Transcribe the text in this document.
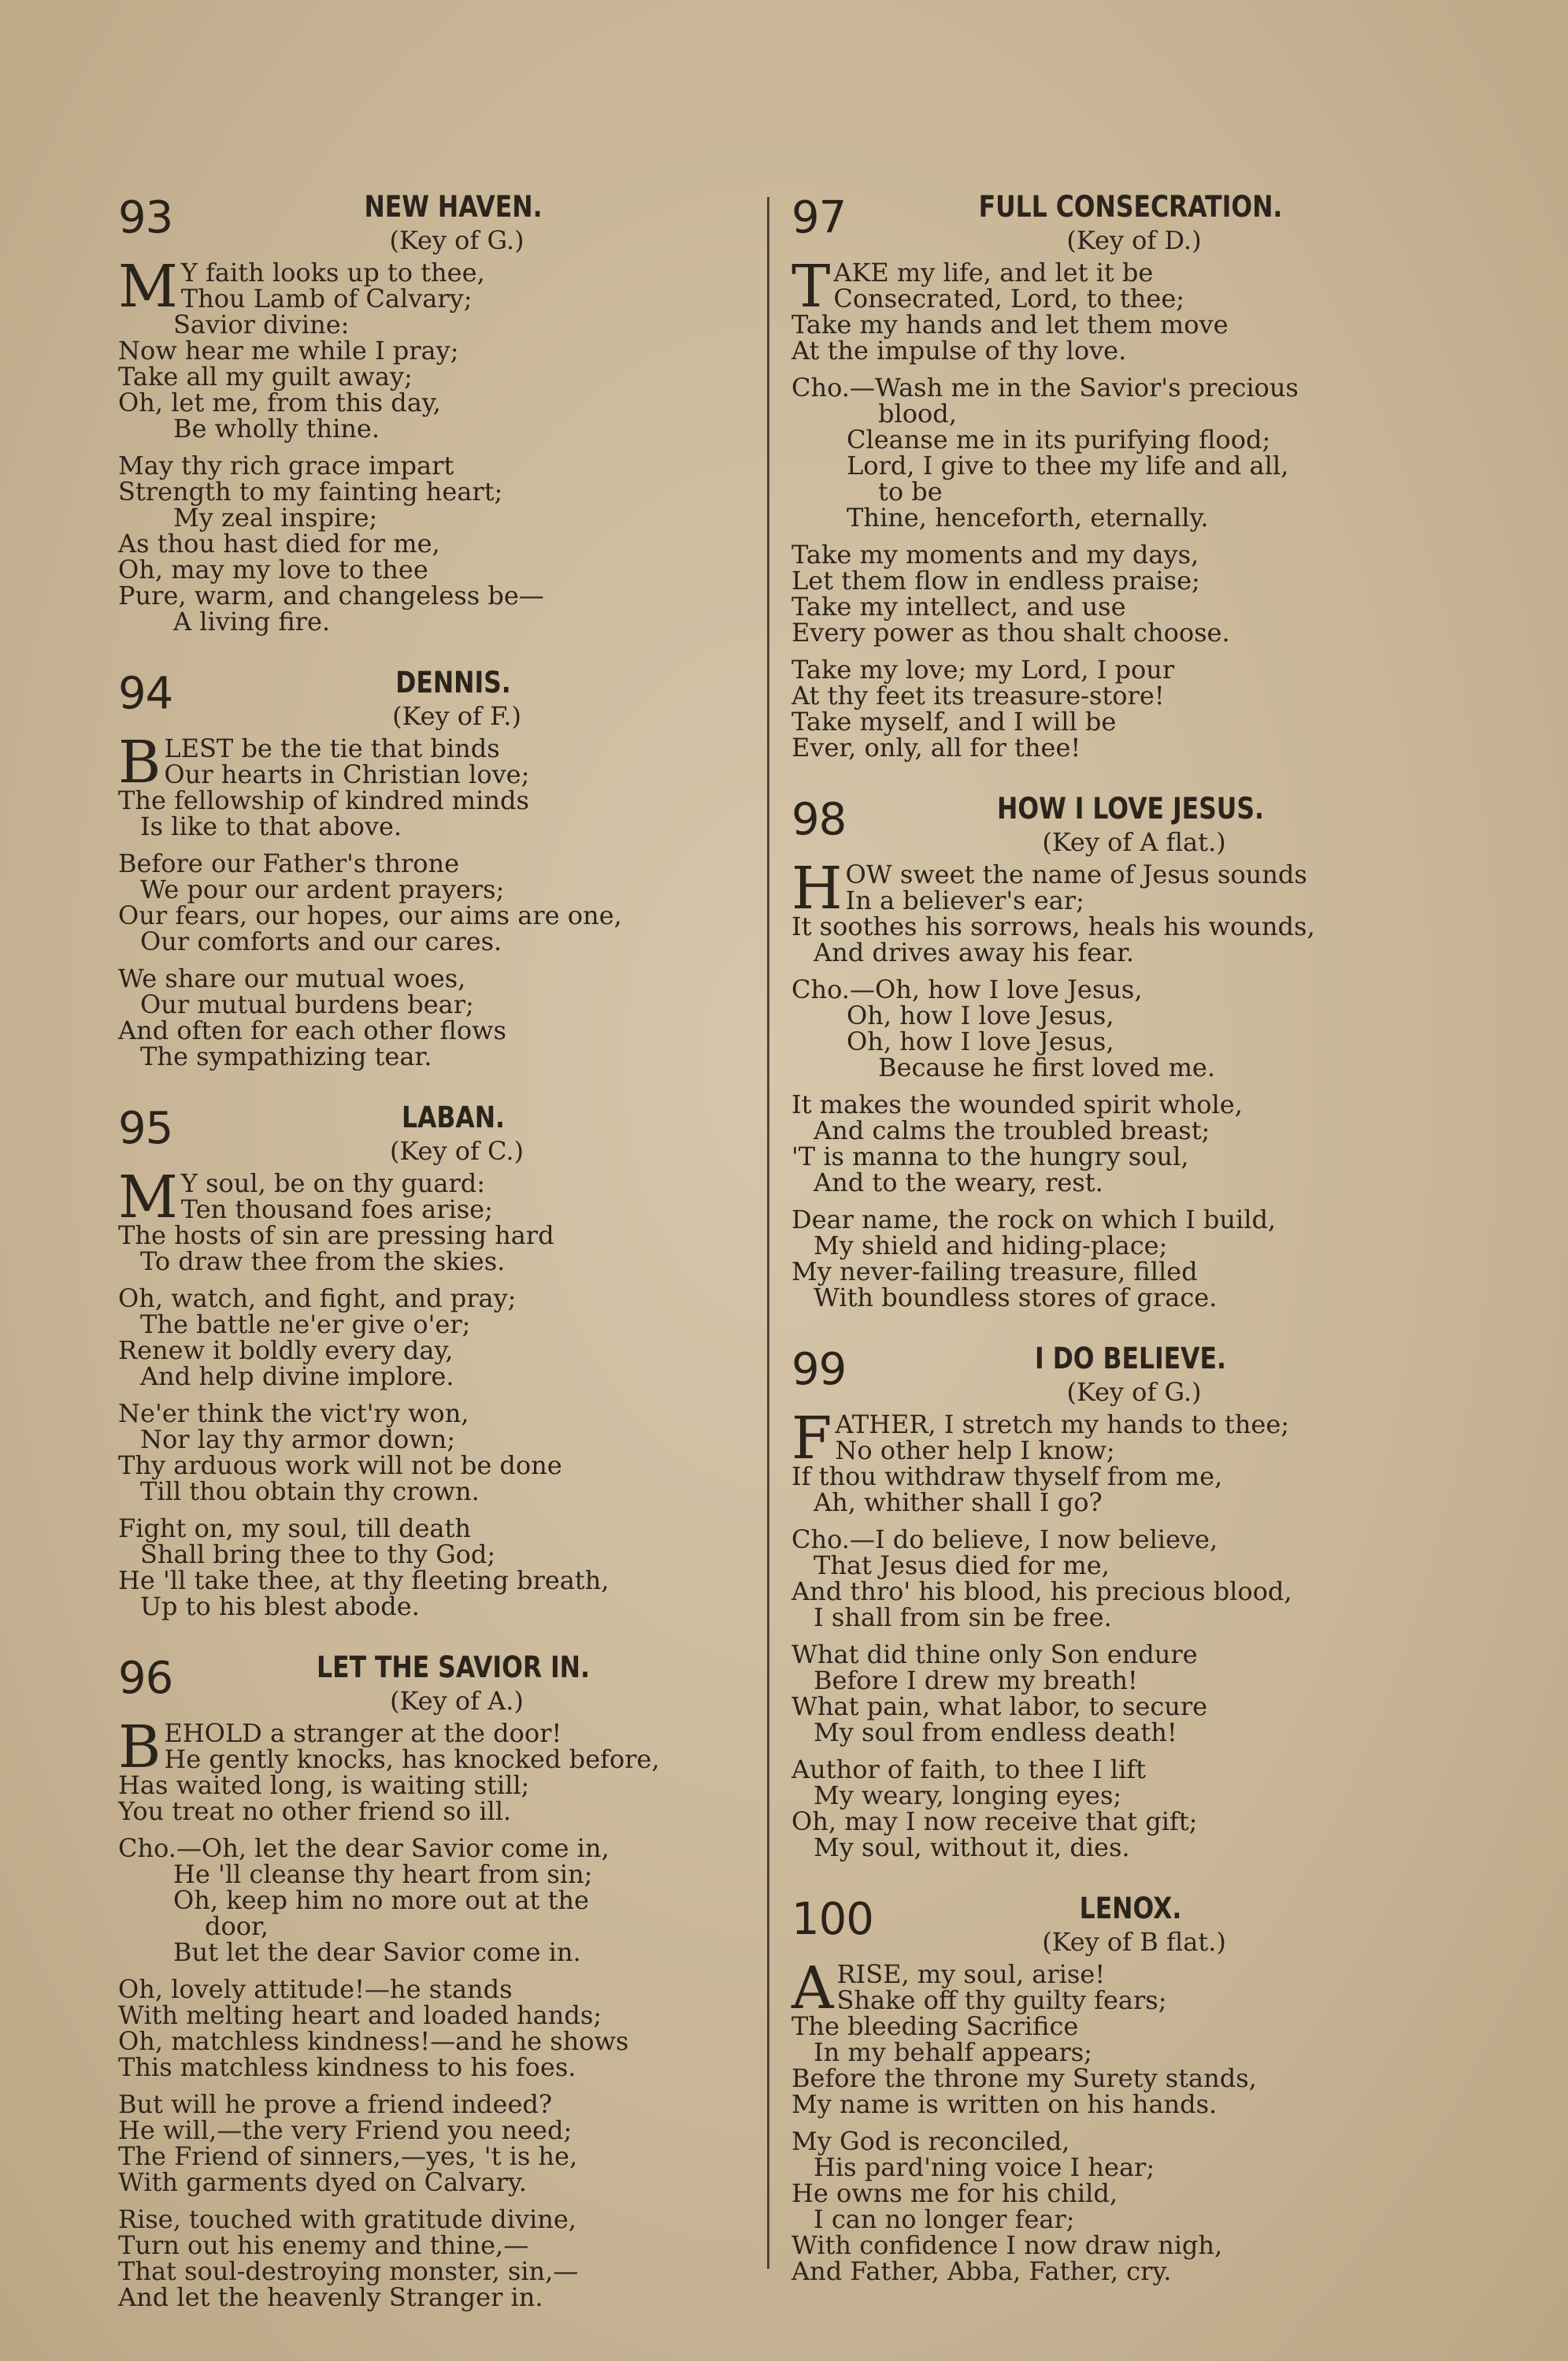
93	NEW HAVEN.
(Key of G.)
M Y faith looks up to thee,
Thou Lamb of Calvary;
Savior divine:
Now hear me while I pray;
Take all my guilt away;
Oh, let me, from this day,
Be wholly thine.
May thy rich grace impart
Strength to my fainting heart;
My zeal inspire;
As thou hast died for me,
Oh, may my love to thee
Pure, warm, and changeless be—
A living fire.
94	DENNIS.
(Key of F.)
B LEST be the tie that binds
Our hearts in Christian love;
The fellowship of kindred minds
Is like to that above.
Before our Father's throne
We pour our ardent prayers;
Our fears, our hopes, our aims are one,
Our comforts and our cares.
We share our mutual woes,
Our mutual burdens bear;
And often for each other flows
The sympathizing tear.
95	LABAN.
(Key of C.)
M Y soul, be on thy guard:
Ten thousand foes arise;
The hosts of sin are pressing hard
To draw thee from the skies.
Oh, watch, and fight, and pray;
The battle ne'er give o'er;
Renew it boldly every day,
And help divine implore.
Ne'er think the vict'ry won,
Nor lay thy armor down;
Thy arduous work will not be done
Till thou obtain thy crown.
Fight on, my soul, till death
Shall bring thee to thy God;
He 'll take thee, at thy fleeting breath,
Up to his blest abode.
96	LET THE SAVIOR IN.
(Key of A.)
B EHOLD a stranger at the door!
He gently knocks, has knocked before,
Has waited long, is waiting still;
You treat no other friend so ill.
Cho.—Oh, let the dear Savior come in,
He 'll cleanse thy heart from sin;
Oh, keep him no more out at the
door,
But let the dear Savior come in.
Oh, lovely attitude!—he stands
With melting heart and loaded hands;
Oh, matchless kindness!—and he shows
This matchless kindness to his foes.
But will he prove a friend indeed?
He will,—the very Friend you need;
The Friend of sinners,—yes, 't is he,
With garments dyed on Calvary.
Rise, touched with gratitude divine,
Turn out his enemy and thine,—
That soul-destroying monster, sin,—
And let the heavenly Stranger in.
97	FULL CONSECRATION.
(Key of D.)
T AKE my life, and let it be
Consecrated, Lord, to thee;
Take my hands and let them move
At the impulse of thy love.
Cho.—Wash me in the Savior's precious
blood,
Cleanse me in its purifying flood;
Lord, I give to thee my life and all,
to be
Thine, henceforth, eternally.
Take my moments and my days,
Let them flow in endless praise;
Take my intellect, and use
Every power as thou shalt choose.
Take my love; my Lord, I pour
At thy feet its treasure-store!
Take myself, and I will be
Ever, only, all for thee!
98	HOW I LOVE JESUS.
(Key of A flat.)
H OW sweet the name of Jesus sounds
In a believer's ear;
It soothes his sorrows, heals his wounds,
And drives away his fear.
Cho.—Oh, how I love Jesus,
Oh, how I love Jesus,
Oh, how I love Jesus,
Because he first loved me.
It makes the wounded spirit whole,
And calms the troubled breast;
'T is manna to the hungry soul,
And to the weary, rest.
Dear name, the rock on which I build,
My shield and hiding-place;
My never-failing treasure, filled
With boundless stores of grace.
99	I DO BELIEVE.
(Key of G.)
F ATHER, I stretch my hands to thee;
No other help I know;
If thou withdraw thyself from me,
Ah, whither shall I go?
Cho.—I do believe, I now believe,
That Jesus died for me,
And thro' his blood, his precious blood,
I shall from sin be free.
What did thine only Son endure
Before I drew my breath!
What pain, what labor, to secure
My soul from endless death!
Author of faith, to thee I lift
My weary, longing eyes;
Oh, may I now receive that gift;
My soul, without it, dies.
100	LENOX.
(Key of B flat.)
A RISE, my soul, arise!
Shake off thy guilty fears;
The bleeding Sacrifice
In my behalf appears;
Before the throne my Surety stands,
My name is written on his hands.
My God is reconciled,
His pard'ning voice I hear;
He owns me for his child,
I can no longer fear;
With confidence I now draw nigh,
And Father, Abba, Father, cry.
